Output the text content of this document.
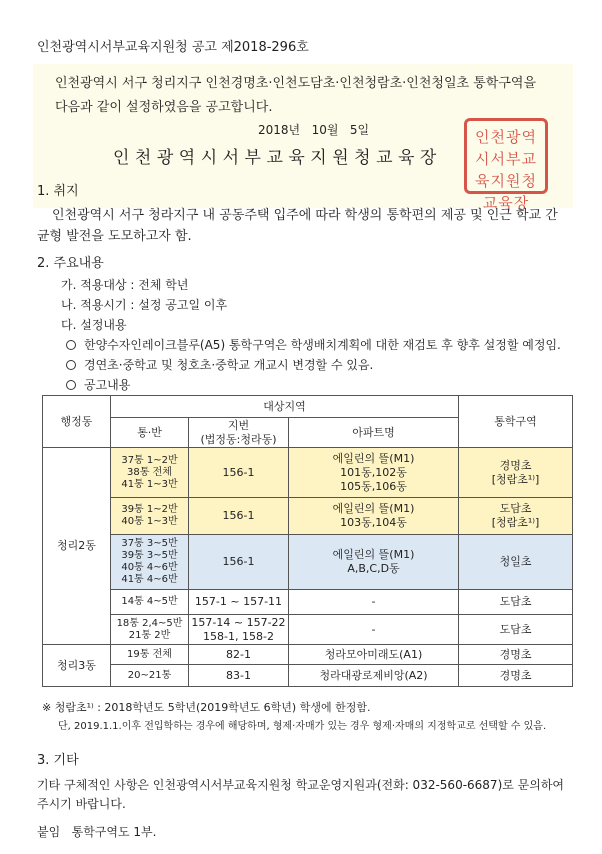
인천광역시서부교육지원청 공고 제2018-296호
인천광역시 서구 청리지구 인천경명초·인천도담초·인천청람초·인천청일초 통학구역을
다음과 같이 설정하였음을 공고합니다.
2018년   10월   5일
인천광역시서부교육지원청교육장
인천광역시서부교육지원청교육장
1. 취지
인천광역시 서구 청라지구 내 공동주택 입주에 따라 학생의 통학편의 제공 및 인근 학교 간
균형 발전을 도모하고자 함.
2. 주요내용
가. 적용대상 : 전체 학년
나. 적용시기 : 설정 공고일 이후
다. 설정내용
한양수자인레이크블루(A5) 통학구역은 학생배치계획에 대한 재검토 후 향후 설정할 예정임.
경연초·중학교 및 청호초·중학교 개교시 변경할 수 있음.
공고내용
행정동	대상지역			통학구역
	통·반	지번
(법정동:청라동)	아파트명	
청리2동	37통 1~2반
38통 전체
41통 1~3반	156-1	에일린의 뜰(M1)
101동,102동
105동,106동	경명초
[청람초¹⁾]

	39통 1~2반
40통 1~3반	156-1	에일린의 뜰(M1)
103동,104동	도담초
[청람초¹⁾]

	37통 3~5반
39통 3~5반
40통 4~6반
41통 4~6반	156-1	에일린의 뜰(M1)
A,B,C,D동	청일초

	14통 4~5반	157-1 ~ 157-11	-	도담초

	18통 2,4~5반
21통 2반	157-14 ~ 157-22
158-1, 158-2	-	도담초

청리3동	19통 전체	82-1	청라모아미래도(A1)	경명초

	20~21통	83-1	청라대광로제비앙(A2)	경명초
※ 청람초¹⁾ : 2018학년도 5학년(2019학년도 6학년) 학생에 한정함.
단, 2019.1.1.이후 전입학하는 경우에 해당하며, 형제·자매가 있는 경우 형제·자매의 지정학교로 선택할 수 있음.
3. 기타
기타 구체적인 사항은 인천광역시서부교육지원청 학교운영지원과(전화: 032-560-6687)로 문의하여
주시기 바랍니다.
붙임   통학구역도 1부.
